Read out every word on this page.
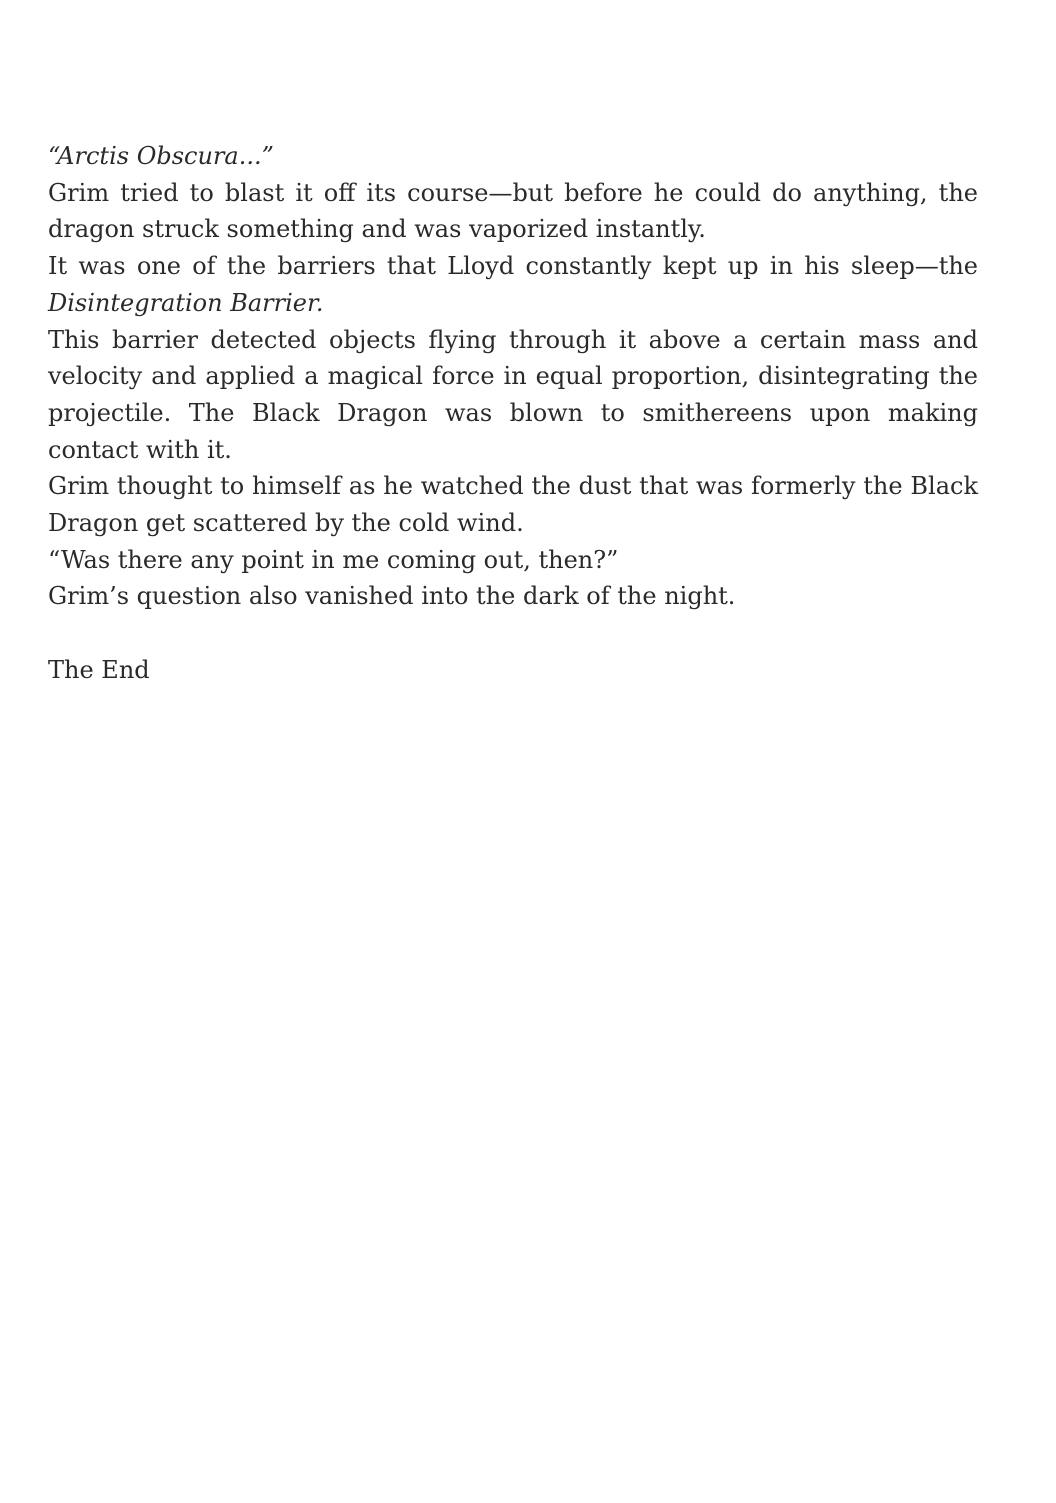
“Arctis Obscura...”

Grim tried to blast it off its course—but before he could do anything, the dragon struck something and was vaporized instantly.

It was one of the barriers that Lloyd constantly kept up in his sleep—the Disintegration Barrier.

This barrier detected objects flying through it above a certain mass and velocity and applied a magical force in equal proportion, disintegrating the projectile. The Black Dragon was blown to smithereens upon making contact with it.

Grim thought to himself as he watched the dust that was formerly the Black Dragon get scattered by the cold wind.

“Was there any point in me coming out, then?”

Grim’s question also vanished into the dark of the night.

The End
